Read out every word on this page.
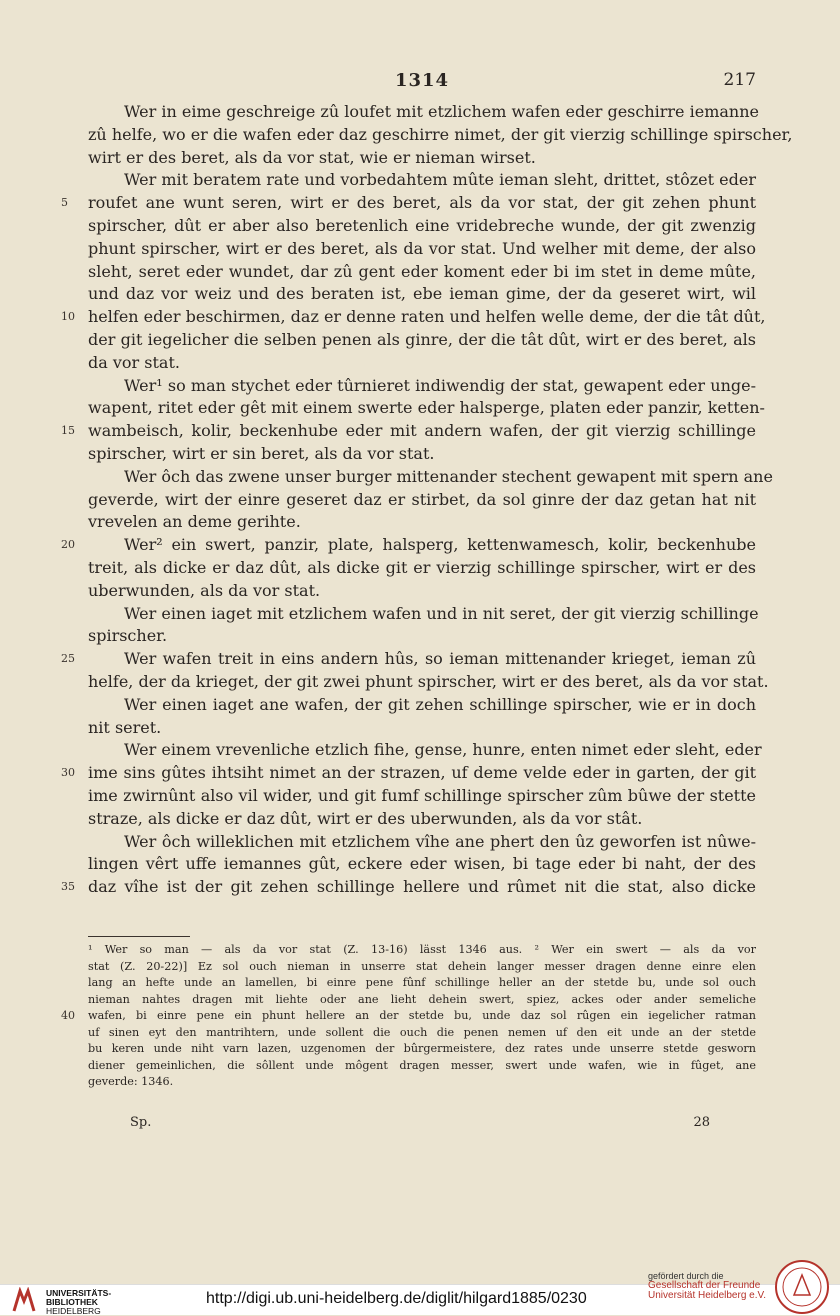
1314	217
Wer in eime geschreige zû loufet mit etzlichem wafen eder geschirre iemanne
zû helfe, wo er die wafen eder daz geschirre nimet, der git vierzig schillinge spirscher,
wirt er des beret, als da vor stat, wie er nieman wirset.
Wer mit beratem rate und vorbedahtem mûte ieman sleht, drittet, stôzet eder
5 roufet ane wunt seren, wirt er des beret, als da vor stat, der git zehen phunt
spirscher, dût er aber also beretenlich eine vridebreche wunde, der git zwenzig
phunt spirscher, wirt er des beret, als da vor stat. Und welher mit deme, der also
sleht, seret eder wundet, dar zû gent eder koment eder bi im stet in deme mûte,
und daz vor weiz und des beraten ist, ebe ieman gime, der da geseret wirt, wil
10 helfen eder beschirmen, daz er denne raten und helfen welle deme, der die tât dût,
der git iegelicher die selben penen als ginre, der die tât dût, wirt er des beret, als
da vor stat.
Wer¹ so man stychet eder tûrnieret indiwendig der stat, gewapent eder unge-
wapent, ritet eder gêt mit einem swerte eder halsperge, platen eder panzir, ketten-
15 wambeisch, kolir, beckenhube eder mit andern wafen, der git vierzig schillinge
spirscher, wirt er sin beret, als da vor stat.
Wer ôch das zwene unser burger mittenander stechent gewapent mit spern ane
geverde, wirt der einre geseret daz er stirbet, da sol ginre der daz getan hat nit
vrevelen an deme gerihte.
20	Wer² ein swert, panzir, plate, halsperg, kettenwamesch, kolir, beckenhube
treit, als dicke er daz dût, als dicke git er vierzig schillinge spirscher, wirt er des
uberwunden, als da vor stat.
Wer einen iaget mit etzlichem wafen und in nit seret, der git vierzig schillinge
spirscher.
25	Wer wafen treit in eins andern hûs, so ieman mittenander krieget, ieman zû
helfe, der da krieget, der git zwei phunt spirscher, wirt er des beret, als da vor stat.
Wer einen iaget ane wafen, der git zehen schillinge spirscher, wie er in doch
nit seret.
Wer einem vrevenliche etzlich fihe, gense, hunre, enten nimet eder sleht, eder
30 ime sins gûtes ihtsiht nimet an der strazen, uf deme velde eder in garten, der git
ime zwirnûnt also vil wider, und git fumf schillinge spirscher zûm bûwe der stette
straze, als dicke er daz dût, wirt er des uberwunden, als da vor stât.
Wer ôch willeklichen mit etzlichem vîhe ane phert den ûz geworfen ist nûwe-
lingen vêrt uffe iemannes gût, eckere eder wisen, bi tage eder bi naht, der des
35 daz vîhe ist der git zehen schillinge hellere und rûmet nit die stat, also dicke
¹ Wer so man — als da vor stat (Z. 13-16) lässt 1346 aus. ² Wer ein swert — als da vor
stat (Z. 20-22)] Ez sol ouch nieman in unserre stat dehein langer messer dragen denne einre elen
lang an hefte unde an lamellen, bi einre pene fûnf schillinge heller an der stetde bu, unde sol ouch
nieman nahtes dragen mit liehte oder ane lieht dehein swert, spiez, ackes oder ander semeliche
40 wafen, bi einre pene ein phunt hellere an der stetde bu, unde daz sol rûgen ein iegelicher ratman
uf sinen eyt den mantrihtern, unde sollent die ouch die penen nemen uf den eit unde an der stetde
bu keren unde niht varn lazen, uzgenomen der bûrgermeistere, dez rates unde unserre stetde gesworn
diener gemeinlichen, die sôllent unde môgent dragen messer, swert unde wafen, wie in fûget, ane
geverde: 1346.
Sp.	28
UNIVERSITÄTS-
BIBLIOTHEK
HEIDELBERG
http://digi.ub.uni-heidelberg.de/diglit/hilgard1885/0230
gefördert durch die
Gesellschaft der Freunde
Universität Heidelberg e.V.
